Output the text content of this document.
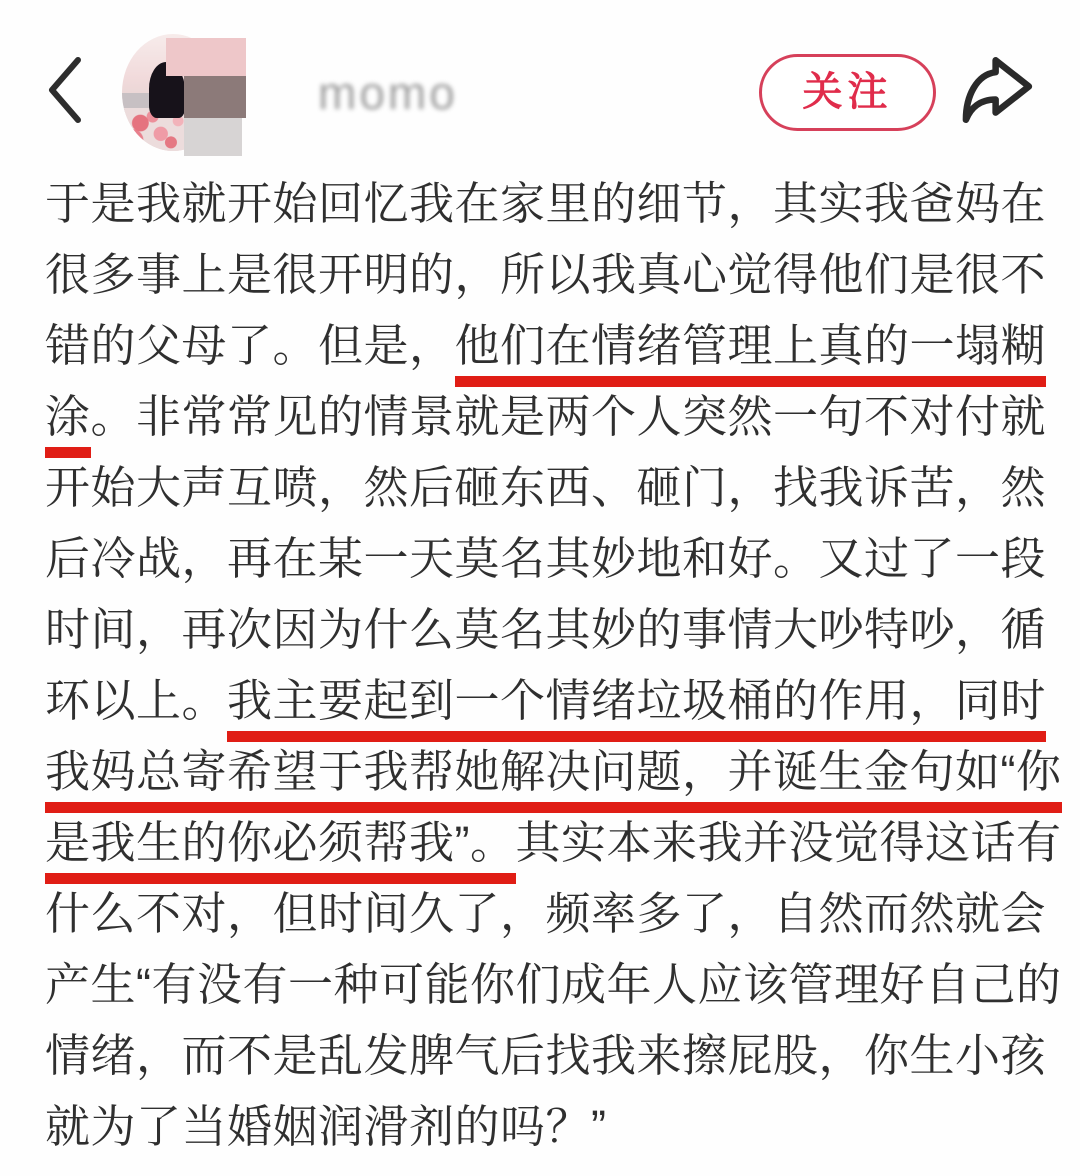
momo	关注
于是我就开始回忆我在家里的细节，其实我爸妈在
很多事上是很开明的，所以我真心觉得他们是很不
错的父母了。但是，他们在情绪管理上真的一塌糊
涂。非常常见的情景就是两个人突然一句不对付就
开始大声互喷，然后砸东西、砸门，找我诉苦，然
后冷战，再在某一天莫名其妙地和好。又过了一段
时间，再次因为什么莫名其妙的事情大吵特吵，循
环以上。我主要起到一个情绪垃圾桶的作用，同时
我妈总寄希望于我帮她解决问题，并诞生金句如“你
是我生的你必须帮我”。其实本来我并没觉得这话有
什么不对，但时间久了，频率多了，自然而然就会
产生“有没有一种可能你们成年人应该管理好自己的
情绪，而不是乱发脾气后找我来擦屁股，你生小孩
就为了当婚姻润滑剂的吗？”
